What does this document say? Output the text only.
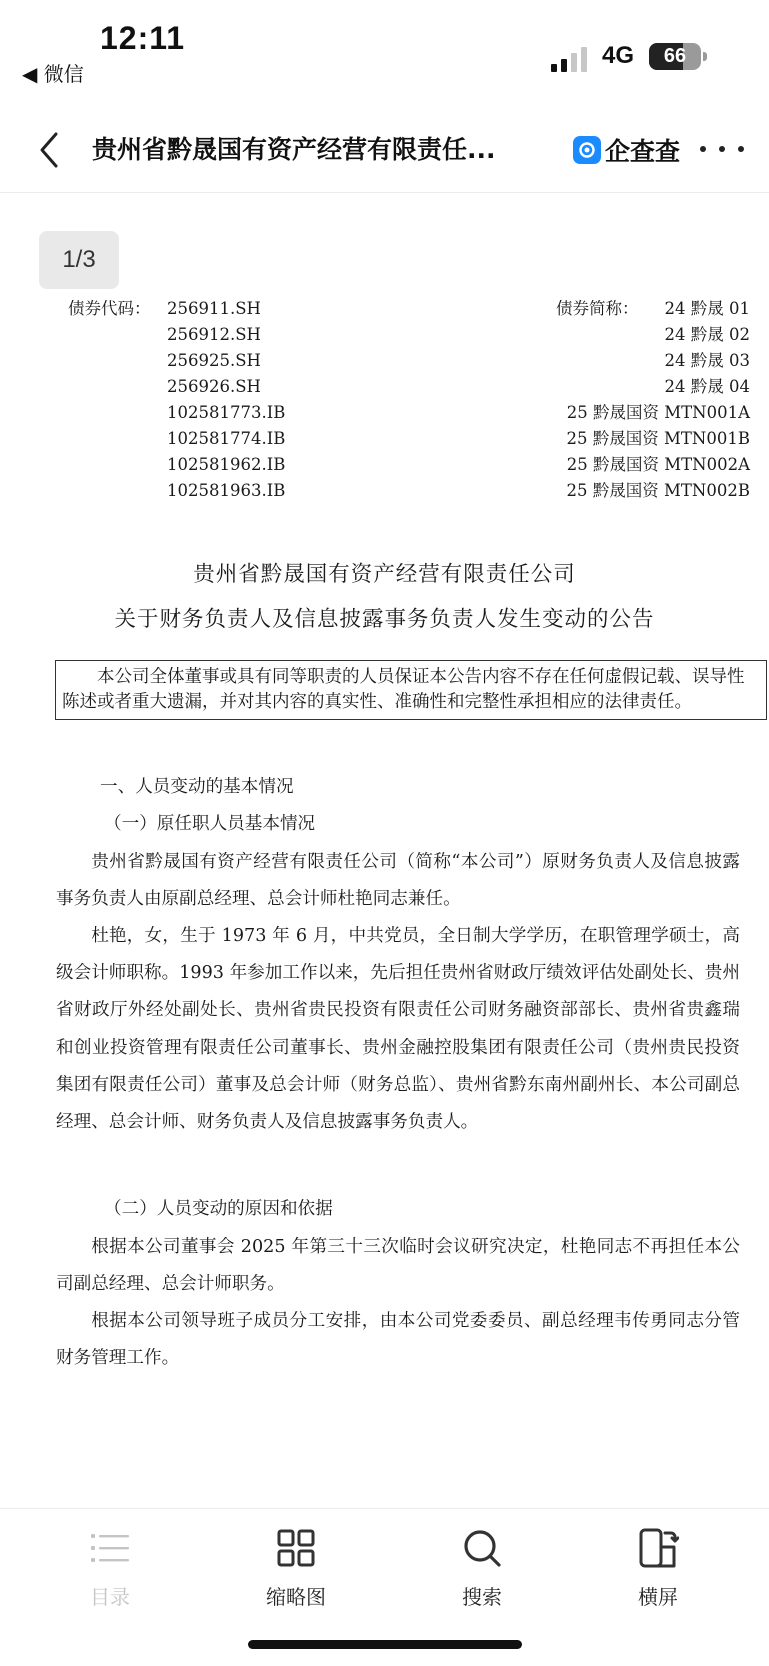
12:11
◀ 微信
4G	66
贵州省黔晟国有资产经营有限责任...	企查查
1/3
债券代码：	债券简称：
256911.SH	24 黔晟 01
256912.SH	24 黔晟 02
256925.SH	24 黔晟 03
256926.SH	24 黔晟 04
102581773.IB	25 黔晟国资 MTN001A
102581774.IB	25 黔晟国资 MTN001B
102581962.IB	25 黔晟国资 MTN002A
102581963.IB	25 黔晟国资 MTN002B
贵州省黔晟国有资产经营有限责任公司
关于财务负责人及信息披露事务负责人发生变动的公告
本公司全体董事或具有同等职责的人员保证本公告内容不存在任何虚假记载、误导性陈述或者重大遗漏，并对其内容的真实性、准确性和完整性承担相应的法律责任。
一、人员变动的基本情况
（一）原任职人员基本情况
贵州省黔晟国有资产经营有限责任公司（简称“本公司”）原财务负责人及信息披露事务负责人由原副总经理、总会计师杜艳同志兼任。
杜艳，女，生于 1973 年 6 月，中共党员，全日制大学学历，在职管理学硕士，高级会计师职称。1993 年参加工作以来，先后担任贵州省财政厅绩效评估处副处长、贵州省财政厅外经处副处长、贵州省贵民投资有限责任公司财务融资部部长、贵州省贵鑫瑞和创业投资管理有限责任公司董事长、贵州金融控股集团有限责任公司（贵州贵民投资集团有限责任公司）董事及总会计师（财务总监）、贵州省黔东南州副州长、本公司副总经理、总会计师、财务负责人及信息披露事务负责人。
（二）人员变动的原因和依据
根据本公司董事会 2025 年第三十三次临时会议研究决定，杜艳同志不再担任本公司副总经理、总会计师职务。
根据本公司领导班子成员分工安排，由本公司党委委员、副总经理韦传勇同志分管财务管理工作。
目录	缩略图	搜索	横屏
